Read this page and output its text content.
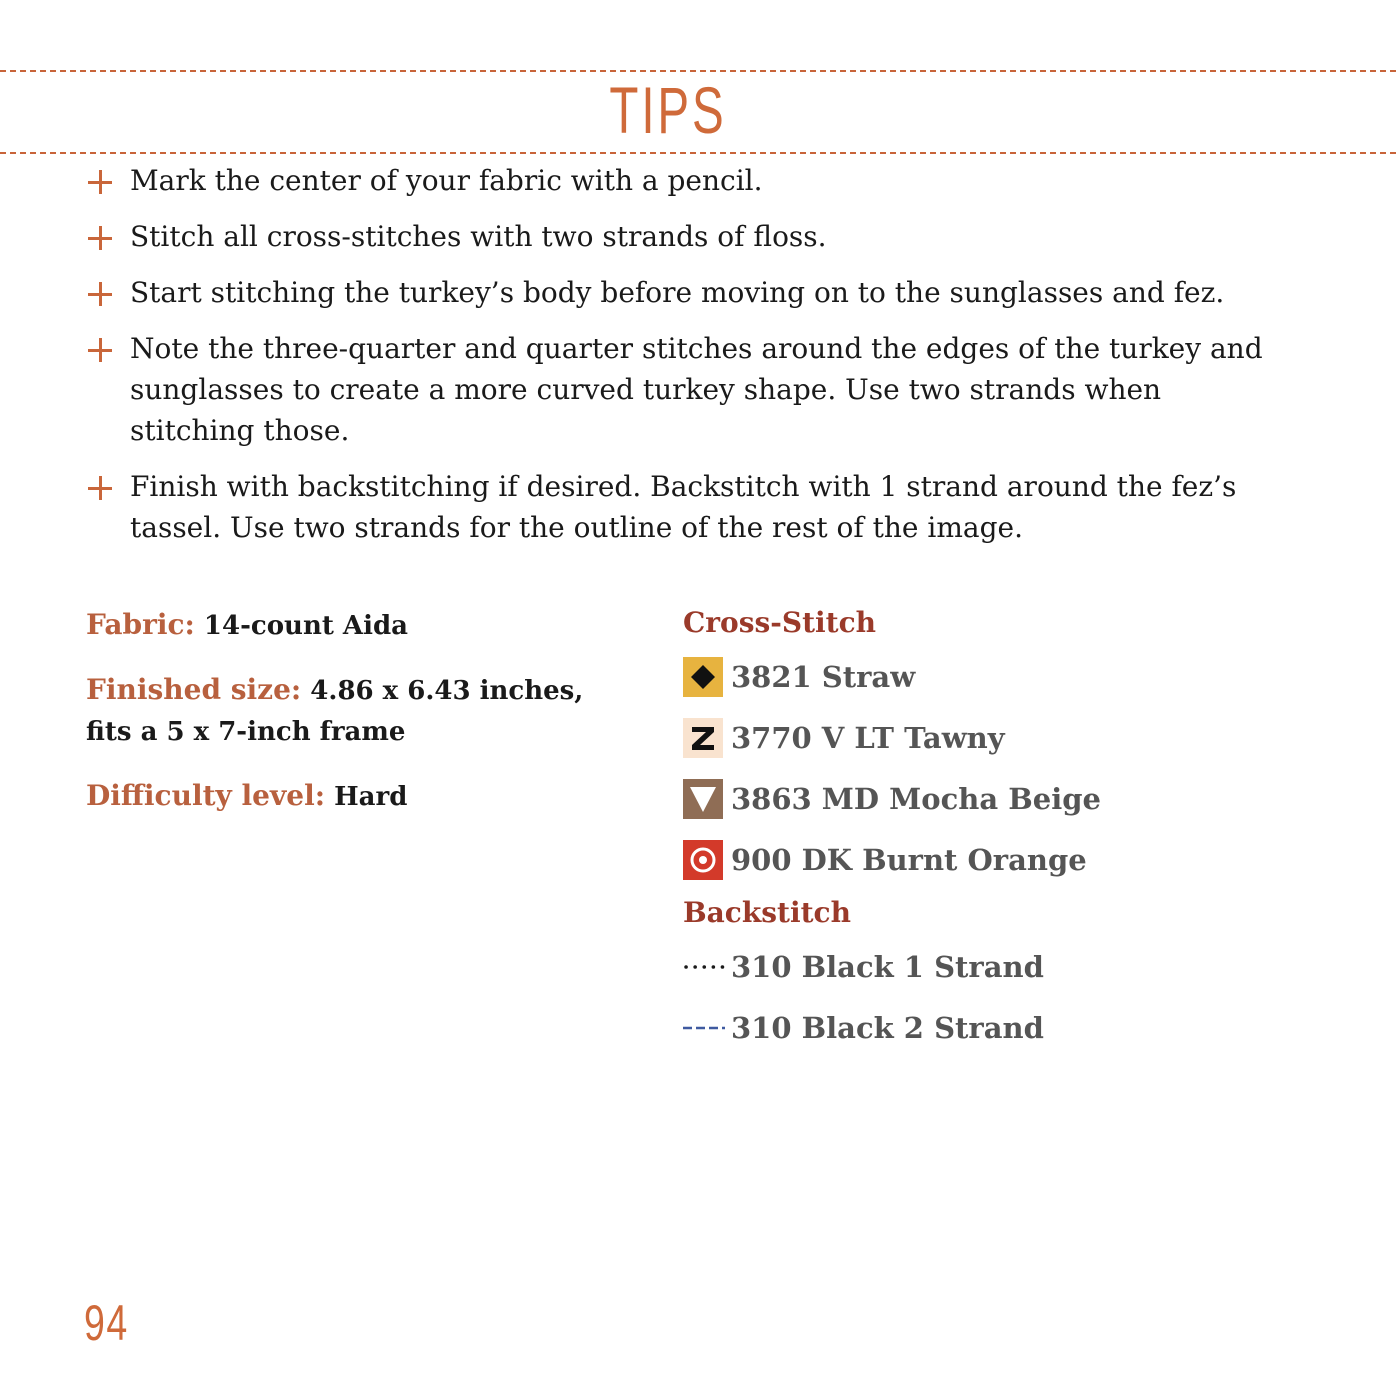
TIPS
Mark the center of your fabric with a pencil.
Stitch all cross-stitches with two strands of floss.
Start stitching the turkey’s body before moving on to the sunglasses and fez.
Note the three-quarter and quarter stitches around the edges of the turkey and sunglasses to create a more curved turkey shape. Use two strands when stitching those.
Finish with backstitching if desired. Backstitch with 1 strand around the fez’s tassel. Use two strands for the outline of the rest of the image.
Fabric: 14-count Aida
Finished size: 4.86 x 6.43 inches, fits a 5 x 7-inch frame
Difficulty level: Hard
Cross-Stitch
3821 Straw
3770 V LT Tawny
3863 MD Mocha Beige
900 DK Burnt Orange
Backstitch
310 Black 1 Strand
310 Black 2 Strand
94
